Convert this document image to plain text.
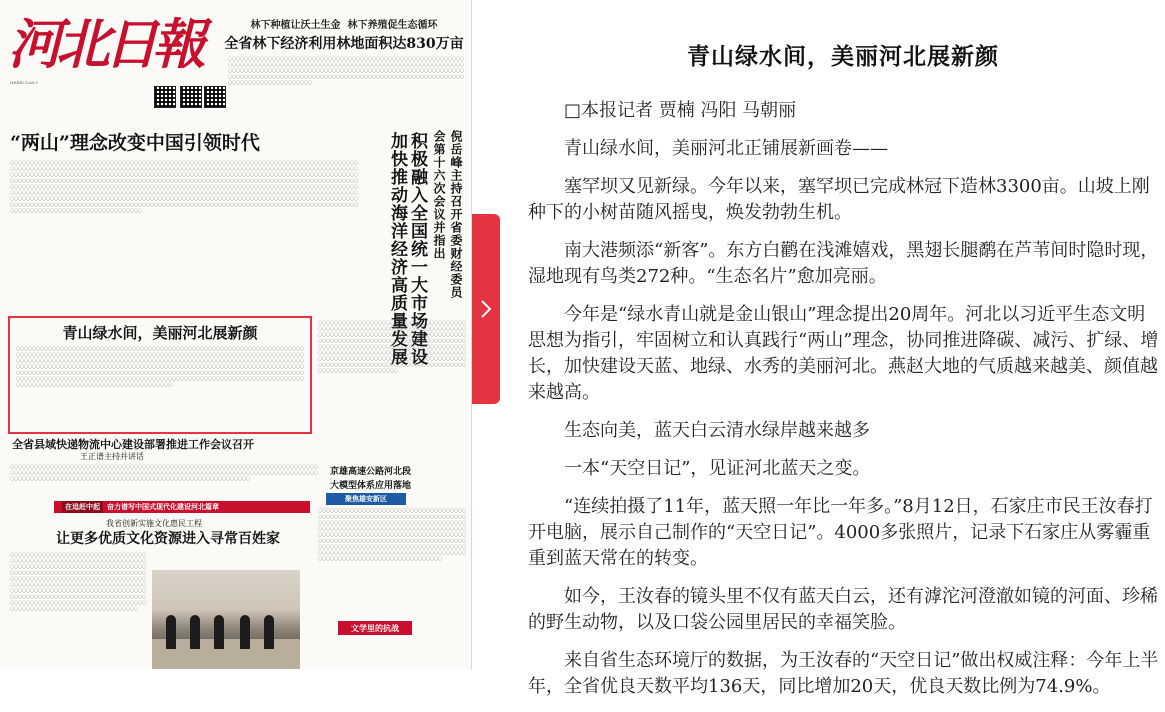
河北日報
HEBEI DAILY
林下种植让沃土生金 林下养殖促生态循环
全省林下经济利用林地面积达830万亩

〇〇〇〇〇〇〇〇〇〇〇〇〇〇〇〇〇〇〇〇〇〇〇〇〇〇〇〇〇〇〇〇〇〇〇〇〇〇〇〇〇〇〇〇〇〇〇〇〇〇〇〇〇〇〇〇〇〇〇〇〇〇〇〇〇〇〇〇〇〇〇〇〇〇〇〇〇〇〇〇〇〇〇〇〇〇〇〇〇〇〇〇〇〇〇〇〇〇〇〇〇〇〇〇〇〇〇〇〇〇〇〇〇〇〇〇〇〇〇〇〇〇〇〇〇〇〇〇〇〇〇〇〇〇〇〇〇〇〇〇〇〇〇〇〇〇〇〇〇〇〇〇〇〇〇〇〇〇〇〇〇〇〇〇〇〇〇〇〇〇〇〇〇〇〇〇〇〇〇〇〇〇〇〇〇〇〇〇〇〇〇〇〇〇〇〇〇〇〇〇〇〇〇〇〇〇〇〇〇〇〇〇〇〇〇〇〇〇〇〇〇〇〇〇〇〇〇〇〇〇〇〇〇〇〇〇〇〇〇〇〇〇〇〇〇〇〇〇〇〇〇〇〇〇〇〇〇

“两山”理念改变中国引领时代

〇〇〇〇〇〇〇〇〇〇〇〇〇〇〇〇〇〇〇〇〇〇〇〇〇〇〇〇〇〇〇〇〇〇〇〇〇〇〇〇〇〇〇〇〇〇〇〇〇〇〇〇〇〇〇〇〇〇〇〇〇〇〇〇〇〇〇〇〇〇〇〇〇〇〇〇〇〇〇〇〇〇〇〇〇〇〇〇〇〇〇〇〇〇〇〇〇〇〇〇〇〇〇〇〇〇〇〇〇〇〇〇〇〇〇〇〇〇〇〇〇〇〇〇〇〇〇〇〇〇〇〇〇〇〇〇〇〇〇〇〇〇〇〇〇〇〇〇〇〇〇〇〇〇〇〇〇〇〇〇〇〇〇〇〇〇〇〇〇〇〇〇〇〇〇〇〇〇〇〇〇〇〇〇〇〇〇〇〇〇〇〇〇〇〇〇〇〇〇〇〇〇〇〇〇〇〇〇〇〇〇〇〇〇〇〇〇〇〇〇〇〇〇〇〇〇〇〇〇〇〇〇〇〇〇〇〇〇〇〇〇〇〇〇〇〇〇〇〇〇〇〇〇〇〇〇〇〇〇〇〇〇〇〇〇〇〇〇〇〇〇〇〇〇〇〇〇〇〇〇〇〇〇〇〇〇〇〇〇〇〇〇〇〇〇〇〇〇〇〇〇〇〇〇〇〇〇〇〇〇〇〇〇〇〇〇〇〇〇〇〇〇〇〇〇〇〇〇〇〇〇〇〇〇〇〇〇〇〇〇〇〇〇〇〇〇〇〇〇〇〇〇〇〇〇〇〇〇〇〇〇〇〇〇〇〇〇〇〇〇〇〇〇〇〇〇〇〇〇〇〇〇〇〇〇〇〇〇〇〇〇〇〇〇〇〇〇〇〇〇〇〇〇〇〇〇〇〇〇〇〇〇〇〇〇〇〇〇〇〇〇〇〇〇〇〇〇〇〇〇〇〇〇〇〇〇〇〇〇〇〇〇〇〇〇〇〇〇〇〇〇〇〇〇〇〇〇〇〇〇〇〇〇〇〇〇〇〇〇〇〇〇〇〇〇〇〇〇〇〇〇〇〇〇〇〇〇〇〇〇〇〇〇〇〇〇〇〇〇〇〇〇〇〇〇〇〇〇〇〇〇〇〇〇〇〇〇〇〇〇〇〇〇〇〇〇〇〇〇〇〇〇〇〇〇〇〇〇〇〇〇〇〇〇〇〇〇〇〇〇〇〇〇〇〇〇〇〇〇〇〇〇〇〇〇〇〇〇〇〇〇〇〇〇〇〇〇〇〇〇〇〇〇〇〇〇〇〇〇〇〇〇〇〇〇〇〇〇〇〇〇〇〇〇〇〇〇〇〇〇〇〇〇〇〇〇〇〇〇〇〇〇〇〇〇〇〇〇〇〇〇〇〇〇〇〇〇〇〇〇〇〇〇〇〇〇〇〇〇〇〇〇〇〇〇〇〇〇〇〇〇〇〇〇〇〇〇〇〇〇〇〇〇〇〇〇〇〇〇〇〇〇〇〇〇〇〇〇〇〇〇〇〇〇〇〇〇〇〇〇〇〇〇〇〇〇〇〇〇〇〇〇〇〇〇〇〇〇〇〇〇〇〇〇〇〇〇〇〇	倪岳峰主持召开省委财经委员会第十六次会议并指出
积极融入全国统一大市场建设
加快推动海洋经济高质量发展
青山绿水间，美丽河北展新颜

〇〇〇〇〇〇〇〇〇〇〇〇〇〇〇〇〇〇〇〇〇〇〇〇〇〇〇〇〇〇〇〇〇〇〇〇〇〇〇〇〇〇〇〇〇〇〇〇〇〇〇〇〇〇〇〇〇〇〇〇〇〇〇〇〇〇〇〇〇〇〇〇〇〇〇〇〇〇〇〇〇〇〇〇〇〇〇〇〇〇〇〇〇〇〇〇〇〇〇〇〇〇〇〇〇〇〇〇〇〇〇〇〇〇〇〇〇〇〇〇〇〇〇〇〇〇〇〇〇〇〇〇〇〇〇〇〇〇〇〇〇〇〇〇〇〇〇〇〇〇〇〇〇〇〇〇〇〇〇〇〇〇〇〇〇〇〇〇〇〇〇〇〇〇〇〇〇〇〇〇〇〇〇〇〇〇〇〇〇〇〇〇〇〇〇〇〇〇〇〇〇〇〇〇〇〇〇〇〇〇〇〇〇〇〇〇〇〇〇〇〇〇〇〇〇〇〇〇〇〇〇〇〇〇〇〇〇〇〇〇〇〇〇〇〇〇〇〇〇〇〇〇〇〇〇〇〇〇〇〇〇〇〇〇〇〇〇〇〇〇〇〇〇〇〇〇〇〇〇〇〇〇〇〇〇〇〇〇〇〇〇〇〇〇〇〇〇〇〇〇〇〇〇〇〇〇〇〇〇〇〇〇〇〇〇〇〇〇〇〇〇〇〇〇〇〇〇〇〇〇〇〇〇〇〇〇〇〇〇〇〇〇〇〇〇〇〇〇〇〇〇〇〇〇〇〇〇〇〇〇〇〇〇〇〇〇〇〇〇〇〇〇〇〇〇〇〇〇〇〇〇〇〇〇〇〇〇〇〇〇〇〇〇〇〇〇〇〇〇〇〇〇〇〇〇〇〇〇〇〇〇〇〇〇〇〇〇〇〇〇〇〇〇〇〇〇〇〇〇〇〇〇〇〇〇〇〇〇〇〇〇〇〇〇〇〇〇〇〇〇〇〇〇〇〇〇〇〇〇〇〇〇〇〇〇〇〇〇〇〇〇

〇〇〇〇〇〇〇〇〇〇〇〇〇〇〇〇〇〇〇〇〇〇〇〇〇〇〇〇〇〇〇〇〇〇〇〇〇〇〇〇〇〇〇〇〇〇〇〇〇〇〇〇〇〇〇〇〇〇〇〇〇〇〇〇〇〇〇〇〇〇〇〇〇〇〇〇〇〇〇〇〇〇〇〇〇〇〇〇〇〇〇〇〇〇〇〇〇〇〇〇〇〇〇〇〇〇〇〇〇〇〇〇〇〇〇〇〇〇〇〇〇〇〇〇〇〇〇〇〇〇〇〇〇〇〇〇〇〇〇〇〇〇〇〇〇〇〇〇〇〇〇〇〇〇〇〇〇〇〇〇〇〇〇〇〇〇〇〇〇〇〇〇〇〇〇〇〇〇〇〇〇〇〇〇〇〇〇〇〇〇〇〇〇〇〇〇〇〇〇〇〇〇〇〇〇〇〇〇〇〇〇〇〇〇〇〇〇〇〇〇〇〇〇〇〇〇〇〇〇〇〇〇〇〇〇〇〇〇〇〇〇〇〇〇〇〇〇〇〇〇〇〇〇〇〇〇〇〇〇〇〇〇〇〇〇〇〇〇〇〇〇〇〇〇〇〇〇〇〇〇〇〇〇〇〇〇〇〇〇〇〇〇〇〇〇〇〇〇〇〇〇〇〇〇〇〇〇〇〇〇〇〇〇〇〇〇

全省县域快递物流中心建设部署推进工作会议召开
王正谱主持并讲话

〇〇〇〇〇〇〇〇〇〇〇〇〇〇〇〇〇〇〇〇〇〇〇〇〇〇〇〇〇〇〇〇〇〇〇〇〇〇〇〇〇〇〇〇〇〇〇〇〇〇〇〇〇〇〇〇〇〇〇〇〇〇〇〇〇〇〇〇〇〇〇〇〇〇〇〇〇〇〇〇〇〇〇〇〇〇〇〇〇〇〇〇〇〇〇〇〇〇〇〇〇〇〇〇〇〇〇〇〇〇〇〇〇〇〇〇〇〇〇〇〇〇〇〇〇〇〇〇〇〇〇〇〇〇〇〇〇〇〇〇〇〇〇〇〇〇〇〇〇〇〇〇〇〇〇〇〇〇〇〇〇〇〇〇〇〇〇〇〇〇〇〇〇〇〇〇〇〇〇〇〇〇〇〇〇〇〇〇〇〇〇〇〇〇〇〇〇〇〇〇〇〇〇〇〇〇〇〇〇〇〇〇〇〇

在追赶中起 奋力谱写中国式现代化建设河北篇章
我省创新实施文化惠民工程
让更多优质文化资源进入寻常百姓家

〇〇〇〇〇〇〇〇〇〇〇〇〇〇〇〇〇〇〇〇〇〇〇〇〇〇〇〇〇〇〇〇〇〇〇〇〇〇〇〇〇〇〇〇〇〇〇〇〇〇〇〇〇〇〇〇〇〇〇〇〇〇〇〇〇〇〇〇〇〇〇〇〇〇〇〇〇〇〇〇〇〇〇〇〇〇〇〇〇〇〇〇〇〇〇〇〇〇〇〇〇〇〇〇〇〇〇〇〇〇〇〇〇〇〇〇〇〇〇〇〇〇〇〇〇〇〇〇〇〇〇〇〇〇〇〇〇〇〇〇〇〇〇〇〇〇〇〇〇〇〇〇〇〇〇〇〇〇〇〇〇〇〇〇〇〇〇〇〇〇〇〇〇〇〇〇〇〇〇〇〇〇〇〇〇〇〇〇〇〇〇〇〇〇〇〇〇〇〇〇〇〇〇〇〇〇〇〇〇〇〇〇〇〇〇〇〇〇〇〇〇〇〇〇〇〇〇〇〇〇〇〇〇〇〇〇〇〇〇〇〇〇〇〇〇〇〇〇〇〇〇〇〇〇〇〇〇〇〇〇〇〇〇〇〇〇〇〇〇〇〇〇〇〇〇〇〇〇〇〇〇〇〇〇〇〇〇〇〇〇〇〇〇〇〇〇〇〇〇〇〇〇〇〇〇〇〇〇〇〇〇〇〇〇〇〇〇〇〇〇〇〇〇〇〇〇〇〇〇〇〇〇〇〇〇〇〇〇

京雄高速公路河北段
大模型体系应用落地
聚焦雄安新区

〇〇〇〇〇〇〇〇〇〇〇〇〇〇〇〇〇〇〇〇〇〇〇〇〇〇〇〇〇〇〇〇〇〇〇〇〇〇〇〇〇〇〇〇〇〇〇〇〇〇〇〇〇〇〇〇〇〇〇〇〇〇〇〇〇〇〇〇〇〇〇〇〇〇〇〇〇〇〇〇〇〇〇〇〇〇〇〇〇〇〇〇〇〇〇〇〇〇〇〇〇〇〇〇〇〇〇〇〇〇〇〇〇〇〇〇〇〇〇〇〇〇〇〇〇〇〇〇〇〇〇〇〇〇〇〇〇〇〇〇〇〇〇〇〇〇〇〇〇〇〇〇〇〇〇〇〇〇〇〇〇〇〇〇〇〇〇〇〇〇〇〇〇〇〇〇〇〇〇〇〇〇〇〇〇〇〇〇〇〇〇〇〇〇〇〇〇〇〇〇〇〇〇〇〇〇〇〇〇〇〇〇〇〇〇〇〇〇〇〇〇〇〇〇〇〇〇〇〇〇〇〇〇〇〇〇〇〇〇〇〇〇〇〇〇〇〇〇〇〇〇〇〇〇〇〇〇〇〇〇〇〇〇〇〇〇〇〇〇〇〇〇〇〇〇〇〇〇〇〇〇〇〇〇〇〇〇〇〇〇〇〇〇〇〇〇〇〇〇〇〇〇〇〇〇〇〇〇〇〇〇〇〇〇〇〇〇〇〇〇〇〇〇〇〇〇〇

文学里的抗战
青山绿水间，美丽河北展新颜

□本报记者 贾楠 冯阳 马朝丽

青山绿水间，美丽河北正铺展新画卷——

塞罕坝又见新绿。今年以来，塞罕坝已完成林冠下造林3300亩。山坡上刚种下的小树苗随风摇曳，焕发勃勃生机。

南大港频添“新客”。东方白鹳在浅滩嬉戏，黑翅长腿鹬在芦苇间时隐时现，湿地现有鸟类272种。“生态名片”愈加亮丽。

今年是“绿水青山就是金山银山”理念提出20周年。河北以习近平生态文明思想为指引，牢固树立和认真践行“两山”理念，协同推进降碳、减污、扩绿、增长，加快建设天蓝、地绿、水秀的美丽河北。燕赵大地的气质越来越美、颜值越来越高。

生态向美，蓝天白云清水绿岸越来越多

一本“天空日记”，见证河北蓝天之变。

“连续拍摄了11年，蓝天照一年比一年多。”8月12日，石家庄市民王汝春打开电脑，展示自己制作的“天空日记”。4000多张照片，记录下石家庄从雾霾重重到蓝天常在的转变。

如今，王汝春的镜头里不仅有蓝天白云，还有滹沱河澄澈如镜的河面、珍稀的野生动物，以及口袋公园里居民的幸福笑脸。

来自省生态环境厅的数据，为王汝春的“天空日记”做出权威注释：今年上半年，全省优良天数平均136天，同比增加20天，优良天数比例为74.9%。
